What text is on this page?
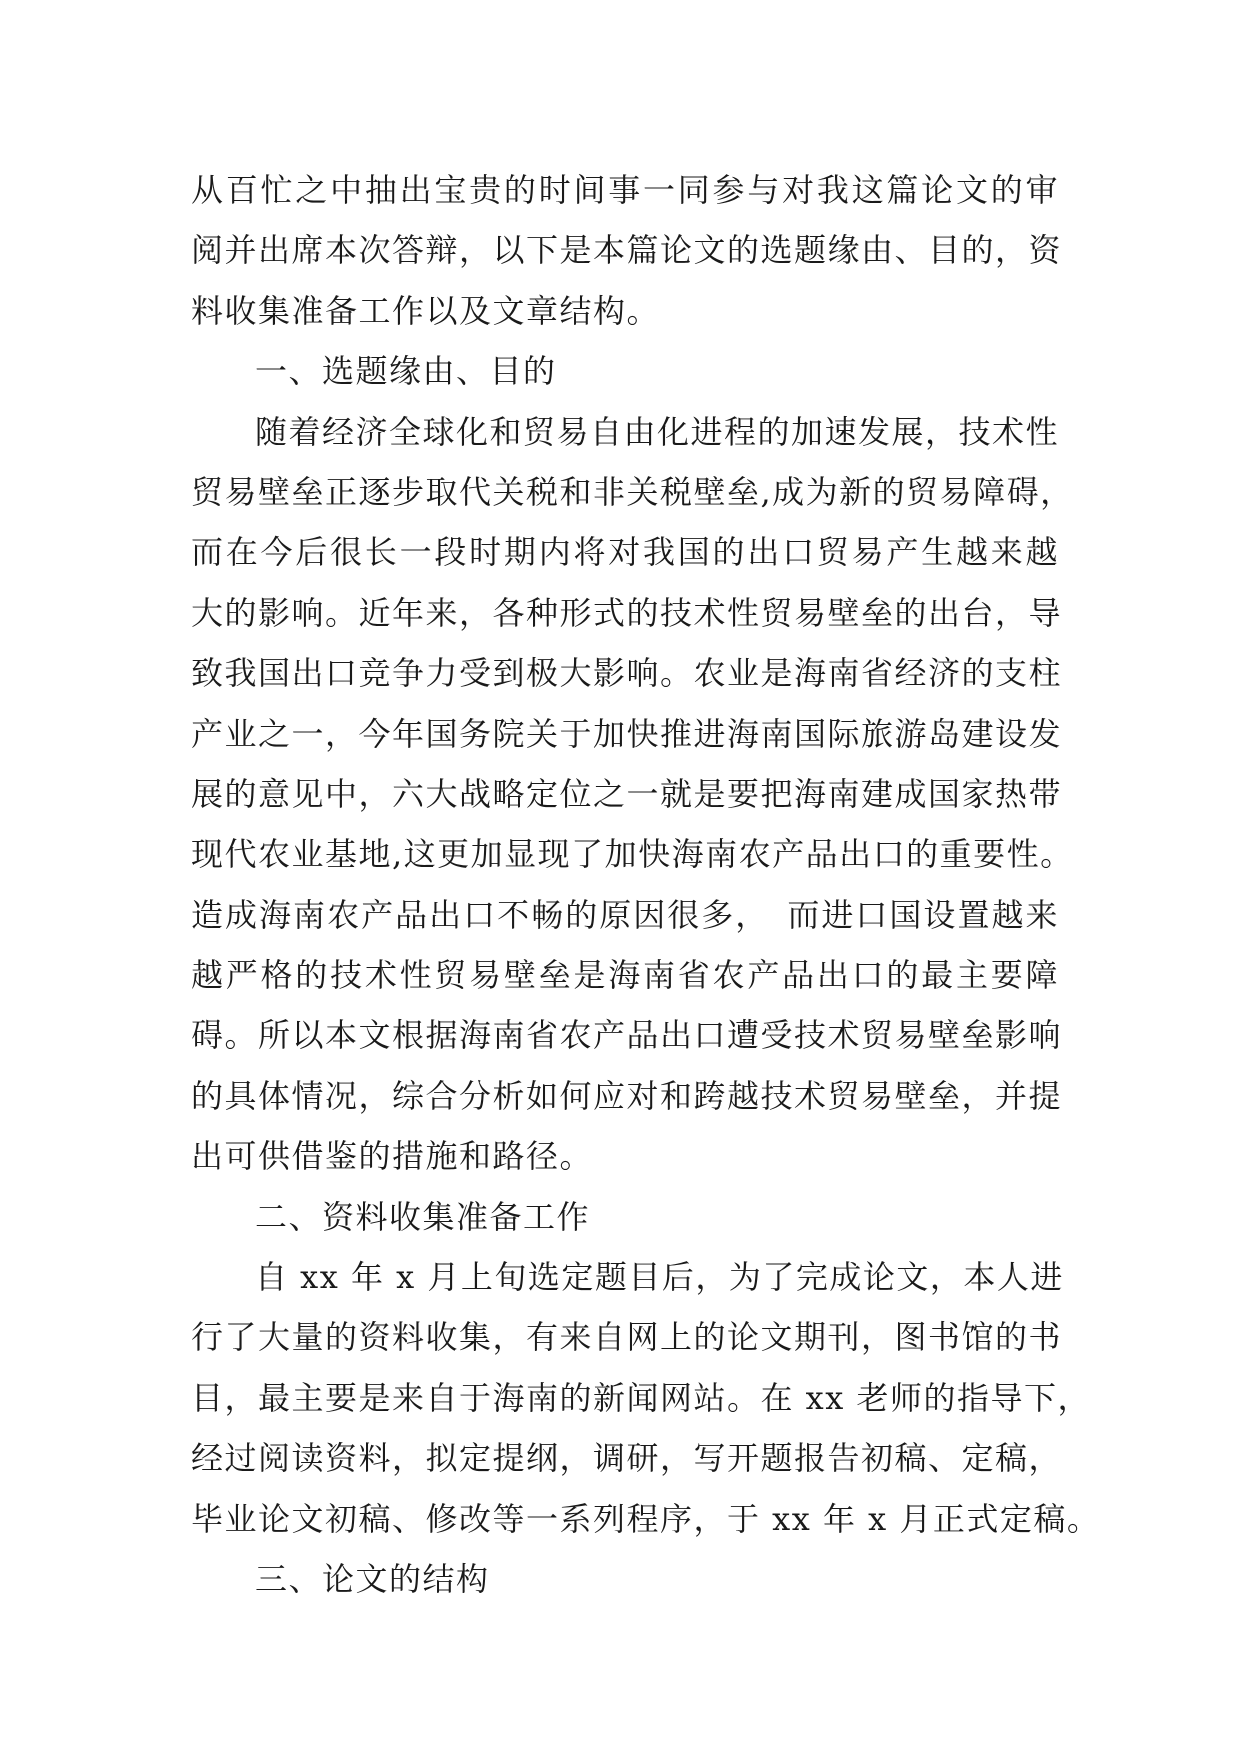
从百忙之中抽出宝贵的时间事一同参与对我这篇论文的审
阅并出席本次答辩，以下是本篇论文的选题缘由、目的，资
料收集准备工作以及文章结构。
一、选题缘由、目的
随着经济全球化和贸易自由化进程的加速发展，技术性
贸易壁垒正逐步取代关税和非关税壁垒,成为新的贸易障碍，
而在今后很长一段时期内将对我国的出口贸易产生越来越
大的影响。近年来，各种形式的技术性贸易壁垒的出台，导
致我国出口竞争力受到极大影响。农业是海南省经济的支柱
产业之一，今年国务院关于加快推进海南国际旅游岛建设发
展的意见中，六大战略定位之一就是要把海南建成国家热带
现代农业基地,这更加显现了加快海南农产品出口的重要性。
造成海南农产品出口不畅的原因很多，　而进口国设置越来
越严格的技术性贸易壁垒是海南省农产品出口的最主要障
碍。所以本文根据海南省农产品出口遭受技术贸易壁垒影响
的具体情况，综合分析如何应对和跨越技术贸易壁垒，并提
出可供借鉴的措施和路径。
二、资料收集准备工作
自 xx 年 x 月上旬选定题目后，为了完成论文，本人进
行了大量的资料收集，有来自网上的论文期刊，图书馆的书
目，最主要是来自于海南的新闻网站。在 xx 老师的指导下，
经过阅读资料，拟定提纲，调研，写开题报告初稿、定稿，
毕业论文初稿、修改等一系列程序，于 xx 年 x 月正式定稿。
三、论文的结构
